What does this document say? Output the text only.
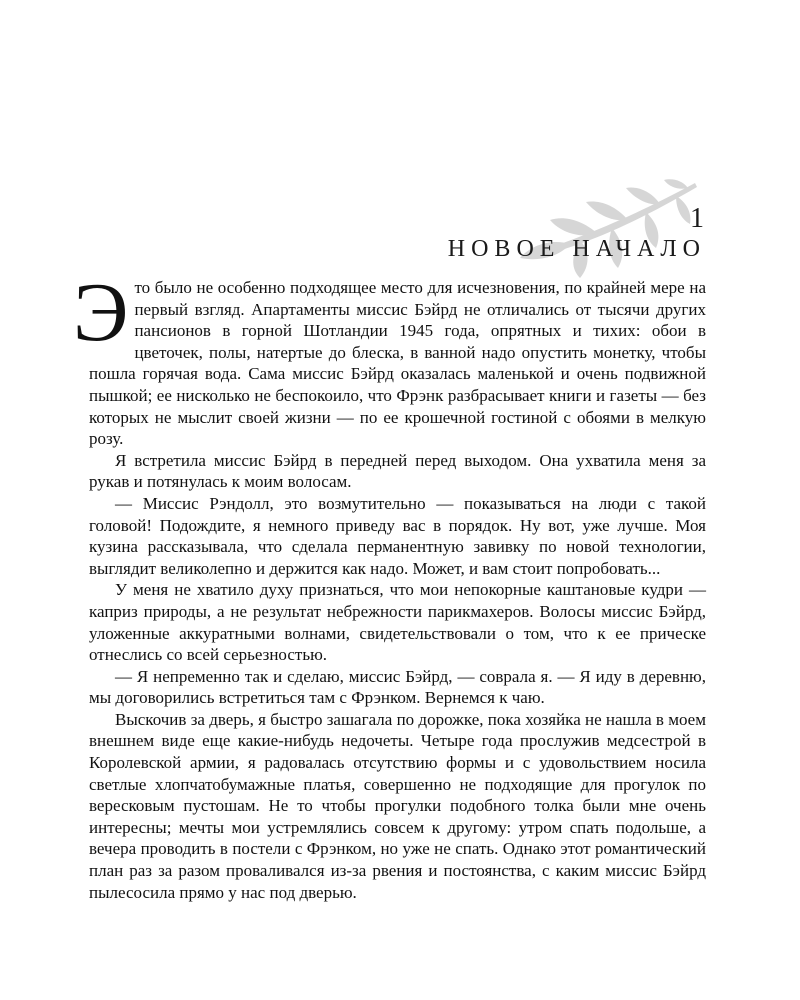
1
НОВОЕ НАЧАЛО

Это было не особенно подходящее место для исчезновения, по крайней мере на первый взгляд. Апартаменты миссис Бэйрд не отличались от тысячи других пансионов в горной Шотландии 1945 года, опрятных и тихих: обои в цветочек, полы, натертые до блеска, в ванной надо опустить монетку, чтобы пошла горячая вода. Сама миссис Бэйрд оказалась маленькой и очень подвижной пышкой; ее нисколько не беспокоило, что Фрэнк разбрасывает книги и газеты — без которых не мыслит своей жизни — по ее крошечной гостиной с обоями в мелкую розу.

Я встретила миссис Бэйрд в передней перед выходом. Она ухватила меня за рукав и потянулась к моим волосам.

— Миссис Рэндолл, это возмутительно — показываться на люди с такой головой! Подождите, я немного приведу вас в порядок. Ну вот, уже лучше. Моя кузина рассказывала, что сделала перманентную завивку по новой технологии, выглядит великолепно и держится как надо. Может, и вам стоит попробовать...

У меня не хватило духу признаться, что мои непокорные каштановые кудри — каприз природы, а не результат небрежности парикмахеров. Волосы миссис Бэйрд, уложенные аккуратными волнами, свидетельствовали о том, что к ее прическе отнеслись со всей серьезностью.

— Я непременно так и сделаю, миссис Бэйрд, — соврала я. — Я иду в деревню, мы договорились встретиться там с Фрэнком. Вернемся к чаю.

Выскочив за дверь, я быстро зашагала по дорожке, пока хозяйка не нашла в моем внешнем виде еще какие-нибудь недочеты. Четыре года прослужив медсестрой в Королевской армии, я радовалась отсутствию формы и с удовольствием носила светлые хлопчатобумажные платья, совершенно не подходящие для прогулок по вересковым пустошам. Не то чтобы прогулки подобного толка были мне очень интересны; мечты мои устремлялись совсем к другому: утром спать подольше, а вечера проводить в постели с Фрэнком, но уже не спать. Однако этот романтический план раз за разом проваливался из-за рвения и постоянства, с каким миссис Бэйрд пылесосила прямо у нас под дверью.
